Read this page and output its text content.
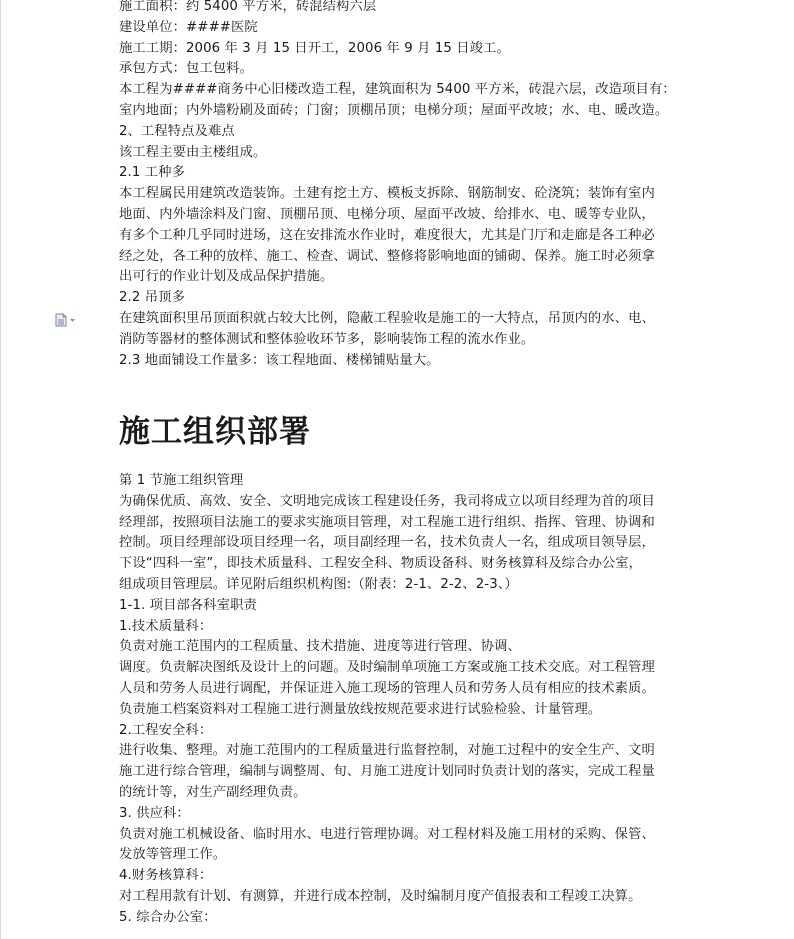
施工面积：约 5400 平方米，砖混结构六层
建设单位：####医院
施工工期：2006 年 3 月 15 日开工，2006 年 9 月 15 日竣工。
承包方式：包工包料。
本工程为####商务中心旧楼改造工程，建筑面积为 5400 平方米，砖混六层，改造项目有：
室内地面；内外墙粉刷及面砖；门窗；顶棚吊顶；电梯分项；屋面平改坡；水、电、暖改造。
2、工程特点及难点
该工程主要由主楼组成。
2.1 工种多
本工程属民用建筑改造装饰。土建有挖土方、模板支拆除、钢筋制安、砼浇筑；装饰有室内
地面、内外墙涂料及门窗、顶棚吊顶、电梯分项、屋面平改坡、给排水、电、暖等专业队，
有多个工种几乎同时进场，这在安排流水作业时，难度很大，尤其是门厅和走廊是各工种必
经之处，各工种的放样、施工、检查、调试、整修将影响地面的铺砌、保养。施工时必须拿
出可行的作业计划及成品保护措施。
2.2 吊顶多
在建筑面积里吊顶面积就占较大比例，隐蔽工程验收是施工的一大特点，吊顶内的水、电、
消防等器材的整体测试和整体验收环节多，影响装饰工程的流水作业。
2.3 地面铺设工作量多：该工程地面、楼梯铺贴量大。
施工组织部署
第 1 节施工组织管理
为确保优质、高效、安全、文明地完成该工程建设任务，我司将成立以项目经理为首的项目
经理部，按照项目法施工的要求实施项目管理，对工程施工进行组织、指挥、管理、协调和
控制。项目经理部设项目经理一名，项目副经理一名，技术负责人一名，组成项目领导层，
下设“四科一室”，即技术质量科、工程安全科、物质设备科、财务核算科及综合办公室，
组成项目管理层。详见附后组织机构图:（附表：2-1、2-2、2-3、）
1-1. 项目部各科室职责
1.技术质量科：
负责对施工范围内的工程质量、技术措施、进度等进行管理、协调、
调度。负责解决图纸及设计上的问题。及时编制单项施工方案或施工技术交底。对工程管理
人员和劳务人员进行调配，并保证进入施工现场的管理人员和劳务人员有相应的技术素质。
负责施工档案资料对工程施工进行测量放线按规范要求进行试验检验、计量管理。
2.工程安全科：
进行收集、整理。对施工范围内的工程质量进行监督控制，对施工过程中的安全生产、文明
施工进行综合管理，编制与调整周、旬、月施工进度计划同时负责计划的落实，完成工程量
的统计等，对生产副经理负责。
3. 供应科：
负责对施工机械设备、临时用水、电进行管理协调。对工程材料及施工用材的采购、保管、
发放等管理工作。
4.财务核算科：
对工程用款有计划、有测算，并进行成本控制，及时编制月度产值报表和工程竣工决算。
5. 综合办公室：
